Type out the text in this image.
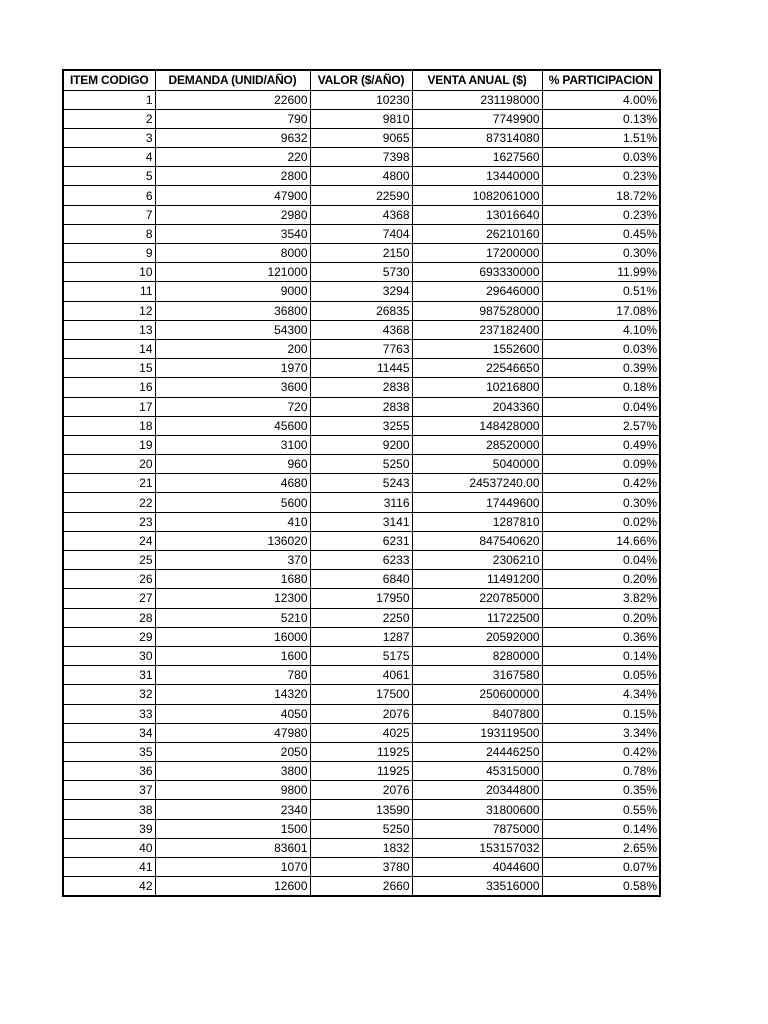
ITEM CODIGO	DEMANDA (UNID/AÑO)	VALOR ($/AÑO)	VENTA ANUAL ($)	% PARTICIPACION
1	22600	10230	231198000	4.00%
2	790	9810	7749900	0.13%
3	9632	9065	87314080	1.51%
4	220	7398	1627560	0.03%
5	2800	4800	13440000	0.23%
6	47900	22590	1082061000	18.72%
7	2980	4368	13016640	0.23%
8	3540	7404	26210160	0.45%
9	8000	2150	17200000	0.30%
10	121000	5730	693330000	11.99%
11	9000	3294	29646000	0.51%
12	36800	26835	987528000	17.08%
13	54300	4368	237182400	4.10%
14	200	7763	1552600	0.03%
15	1970	11445	22546650	0.39%
16	3600	2838	10216800	0.18%
17	720	2838	2043360	0.04%
18	45600	3255	148428000	2.57%
19	3100	9200	28520000	0.49%
20	960	5250	5040000	0.09%
21	4680	5243	24537240.00	0.42%
22	5600	3116	17449600	0.30%
23	410	3141	1287810	0.02%
24	136020	6231	847540620	14.66%
25	370	6233	2306210	0.04%
26	1680	6840	11491200	0.20%
27	12300	17950	220785000	3.82%
28	5210	2250	11722500	0.20%
29	16000	1287	20592000	0.36%
30	1600	5175	8280000	0.14%
31	780	4061	3167580	0.05%
32	14320	17500	250600000	4.34%
33	4050	2076	8407800	0.15%
34	47980	4025	193119500	3.34%
35	2050	11925	24446250	0.42%
36	3800	11925	45315000	0.78%
37	9800	2076	20344800	0.35%
38	2340	13590	31800600	0.55%
39	1500	5250	7875000	0.14%
40	83601	1832	153157032	2.65%
41	1070	3780	4044600	0.07%
42	12600	2660	33516000	0.58%
